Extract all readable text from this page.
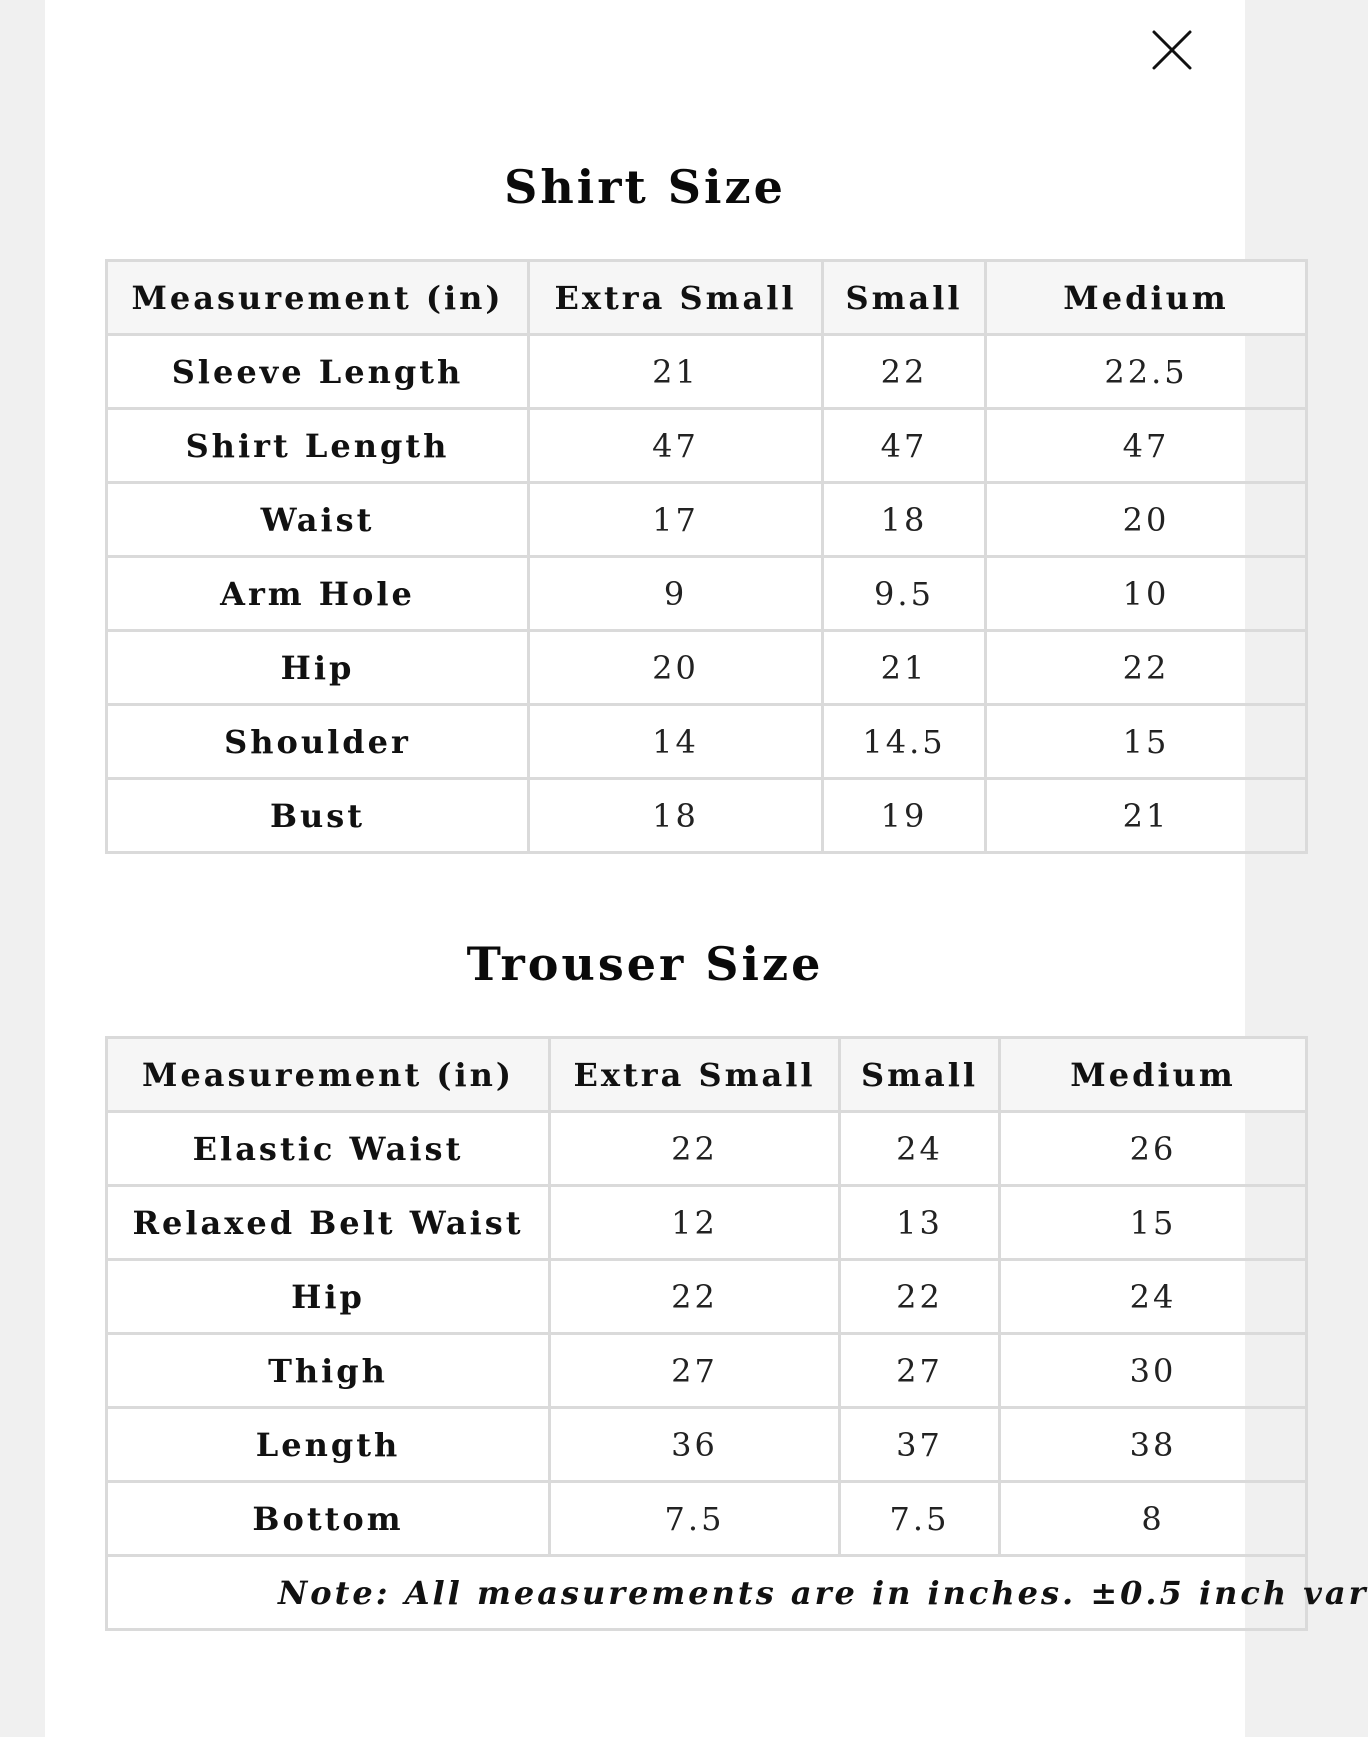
Shirt Size
Measurement (in)	Extra Small	Small	Medium
Sleeve Length	21	22	22.5
Shirt Length	47	47	47
Waist	17	18	20
Arm Hole	9	9.5	10
Hip	20	21	22
Shoulder	14	14.5	15
Bust	18	19	21
Trouser Size
Measurement (in)	Extra Small	Small	Medium
Elastic Waist	22	24	26
Relaxed Belt Waist	12	13	15
Hip	22	22	24
Thigh	27	27	30
Length	36	37	38
Bottom	7.5	7.5	8
Note: All measurements are in inches. ±0.5 inch var			
